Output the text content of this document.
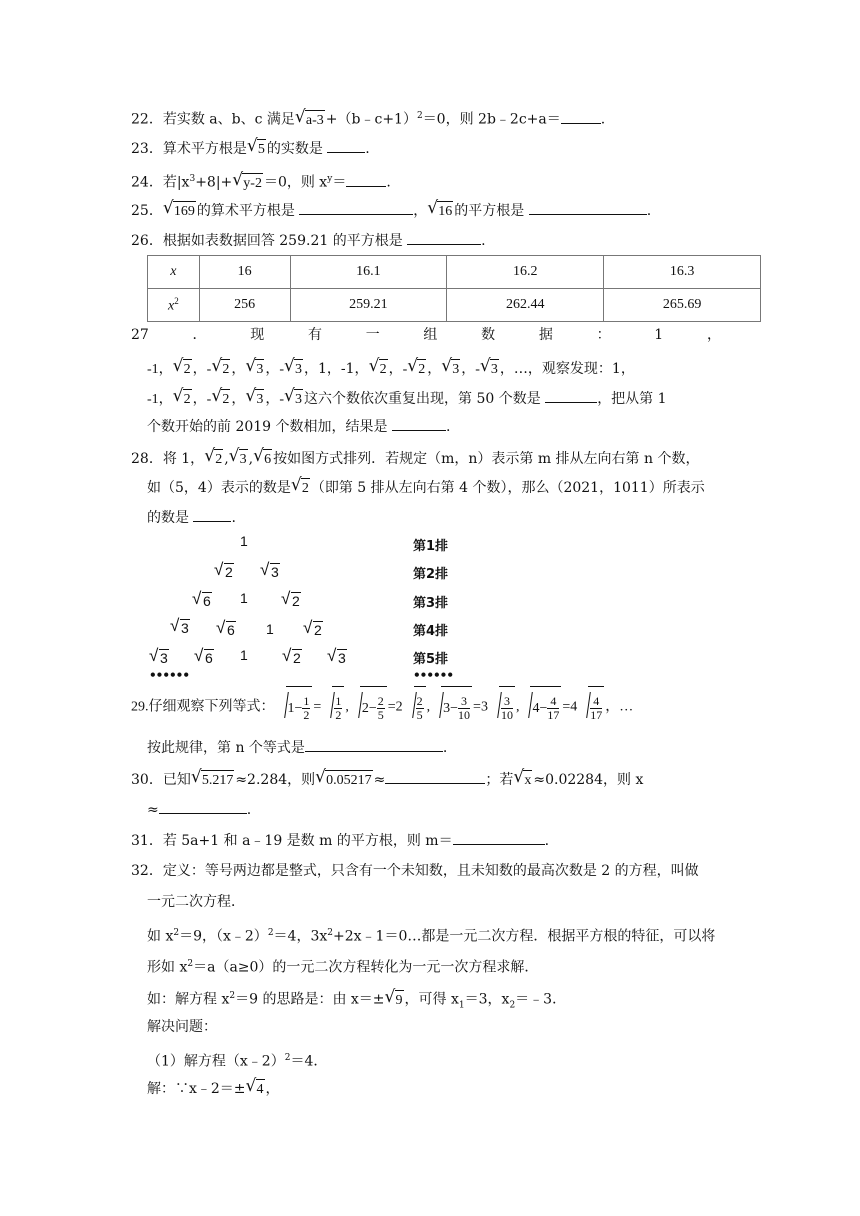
22．若实数 a、b、c 满足 √ a-3 +（b﹣c+1）$^2$＝0，则 2b﹣2c+a＝	.
23．算术平方根是 √ 5 的实数是	.
24．若$|x^3+8|+$ √ y-2 ＝0，则 $x^y=$	.
25． √ 169 的算术平方根是	， √ 16 的平方根是	.
26．根据如表数据回答 259.21 的平方根是	.
x	16	16.1	16.2	16.3
$x^2$	256	259.21	262.44	265.69
27	．	现	有	一	组	数	据	：	1	，
-1， √ 2 ，- √ 2 ， √ 3 ，- √ 3 ，1，-1， √ 2 ，- √ 2 ， √ 3 ，- √ 3 ，…，观察发现：1，
-1， √ 2 ，- √ 2 ， √ 3 ，- √ 3 这六个数依次重复出现，第 50 个数是	，把从第 1
个数开始的前 2019 个数相加，结果是	.
28．将 1， √ 2 , √ 3 , √ 6 按如图方式排列．若规定（m，n）表示第 m 排从左向右第 n 个数，
如（5，4）表示的数是 √ 2 （即第 5 排从左向右第 4 个数），那么（2021，1011）所表示
的数是	.
1
√ 2	√ 3
√ 6 1	√ 2
√ 3	√ 6 1	√ 2
√ 3	√ 6 1	√ 2	√ 3
••••••
第1排
第2排
第3排
第4排
第5排
••••••
29.仔细观察下列等式： $1- \frac{1}{2} = \frac{1}{2}$ , $2- \frac{2}{5} =2 \frac{2}{5}$ , $3- \frac{3}{10} =3 \frac{3}{10}$ , $4- \frac{4}{17} =4 \frac{4}{17}$ ，…
按此规律，第 n 个等式是	.
30．已知 √ 5.217 ≈2.284，则 √ 0.05217 ≈	；若 √ x ≈0.02284，则 x
≈	.
31．若 5a+1 和 a﹣19 是数 m 的平方根，则 m＝	.
32．定义：等号两边都是整式，只含有一个未知数，且未知数的最高次数是 2 的方程，叫做
一元二次方程．
如 $x^2=9$，（x﹣2）$^2$＝4，$3x^2+2x﹣1=0\dots$都是一元二次方程．根据平方根的特征，可以将
形如 $x^2=a(a\ge 0)$的一元二次方程转化为一元一次方程求解．
如：解方程 $x^2=9$ 的思路是：由 x＝± √ 9 ，可得 $x_1=3$，$x_2=﹣3$．
解决问题：
（1）解方程（x﹣2）$^2$＝4．
解：∵x﹣2＝± √ 4 ，
